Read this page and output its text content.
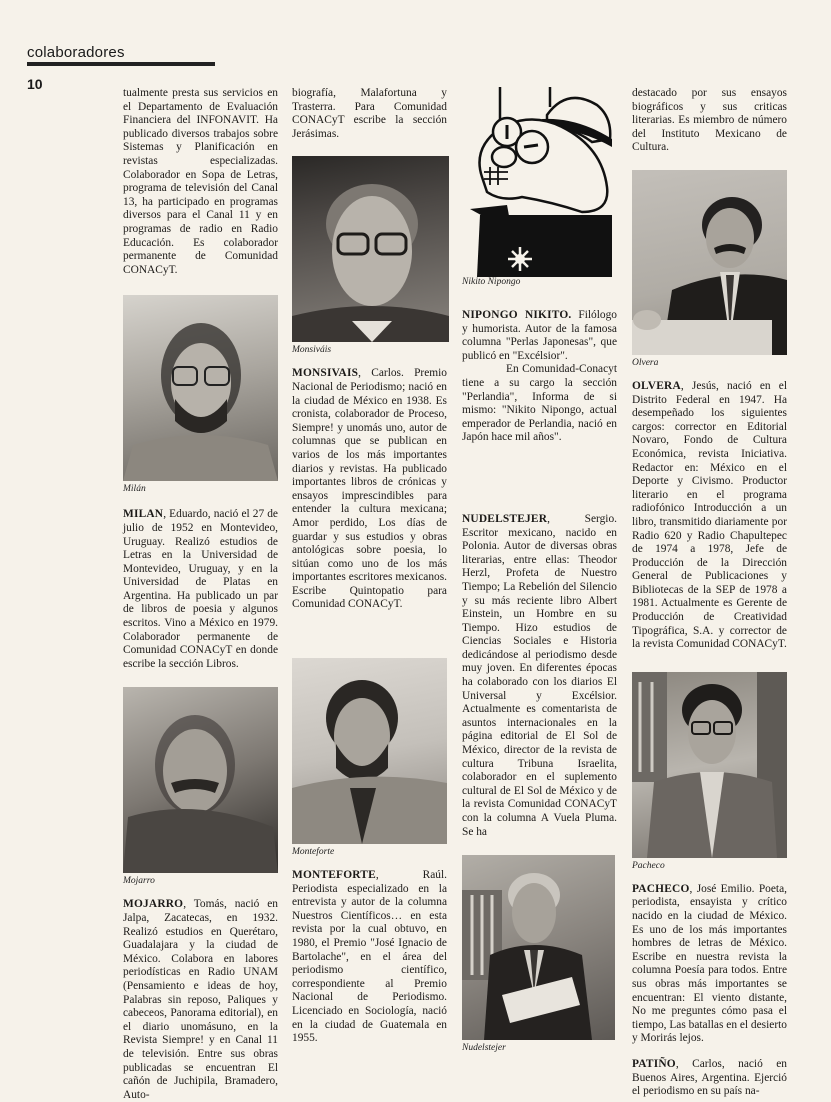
colaboradores
10

tualmente presta sus servicios en el Departamento de Evaluación Financiera del INFONAVIT. Ha publicado diversos trabajos sobre Sistemas y Planificación en revistas especializadas. Colaborador en Sopa de Letras, programa de televisión del Canal 13, ha participado en programas diversos para el Canal 11 y en programas de radio en Radio Educación. Es colaborador permanente de Comunidad CONACyT.

Milán

MILAN, Eduardo, nació el 27 de julio de 1952 en Montevideo, Uruguay. Realizó estudios de Letras en la Universidad de Montevideo, Uruguay, y en la Universidad de Platas en Argentina. Ha publicado un par de libros de poesia y algunos escritos. Vino a México en 1979. Colaborador permanente de Comunidad CONACyT en donde escribe la sección Libros.

Mojarro

MOJARRO, Tomás, nació en Jalpa, Zacatecas, en 1932. Realizó estudios en Querétaro, Guadalajara y la ciudad de México. Colabora en labores periodísticas en Radio UNAM (Pensamiento e ideas de hoy, Palabras sin reposo, Paliques y cabeceos, Panorama editorial), en el diario unomásuno, en la Revista Siempre! y en Canal 11 de televisión. Entre sus obras publicadas se encuentran El cañón de Juchipila, Bramadero, Auto-

biografía, Malafortuna y Trasterra. Para Comunidad CONACyT escribe la sección Jerásimas.

Monsiváis

MONSIVAIS, Carlos. Premio Nacional de Periodismo; nació en la ciudad de México en 1938. Es cronista, colaborador de Proceso, Siempre! y unomás uno, autor de columnas que se publican en varios de los más importantes diarios y revistas. Ha publicado importantes libros de crónicas y ensayos imprescindibles para entender la cultura mexicana; Amor perdido, Los días de guardar y sus estudios y obras antológicas sobre poesia, lo sitúan como uno de los más importantes escritores mexicanos. Escribe Quintopatio para Comunidad CONACyT.

Monteforte

MONTEFORTE, Raúl. Periodista especializado en la entrevista y autor de la columna Nuestros Científicos… en esta revista por la cual obtuvo, en 1980, el Premio "José Ignacio de Bartolache", en el área del periodismo científico, correspondiente al Premio Nacional de Periodismo. Licenciado en Sociología, nació en la ciudad de Guatemala en 1955.

Nikito Nipongo

NIPONGO NIKITO. Filólogo y humorista. Autor de la famosa columna "Perlas Japonesas", que publicó en "Excélsior".

En Comunidad-Conacyt tiene a su cargo la sección "Perlandia", Informa de si mismo: "Nikito Nipongo, actual emperador de Perlandia, nació en Japón hace mil años".

NUDELSTEJER, Sergio. Escritor mexicano, nacido en Polonia. Autor de diversas obras literarias, entre ellas: Theodor Herzl, Profeta de Nuestro Tiempo; La Rebelión del Silencio y su más reciente libro Albert Einstein, un Hombre en su Tiempo. Hizo estudios de Ciencias Sociales e Historia dedicándose al periodismo desde muy joven. En diferentes épocas ha colaborado con los diarios El Universal y Excélsior. Actualmente es comentarista de asuntos internacionales en la página editorial de El Sol de México, director de la revista de cultura Tribuna Israelita, colaborador en el suplemento cultural de El Sol de México y de la revista Comunidad CONACyT con la columna A Vuela Pluma. Se ha

Nudelstejer

destacado por sus ensayos biográficos y sus criticas literarias. Es miembro de número del Instituto Mexicano de Cultura.

Olvera

OLVERA, Jesús, nació en el Distrito Federal en 1947. Ha desempeñado los siguientes cargos: corrector en Editorial Novaro, Fondo de Cultura Económica, revista Iniciativa. Redactor en: México en el Deporte y Civismo. Productor literario en el programa radiofónico Introducción a un libro, transmitido diariamente por Radio 620 y Radio Chapultepec de 1974 a 1978, Jefe de Producción de la Dirección General de Publicaciones y Bibliotecas de la SEP de 1978 a 1981. Actualmente es Gerente de Producción de Creatividad Tipográfica, S.A. y corrector de la revista Comunidad CONACyT.

Pacheco

PACHECO, José Emilio. Poeta, periodista, ensayista y crítico nacido en la ciudad de México. Es uno de los más importantes hombres de letras de México. Escribe en nuestra revista la columna Poesía para todos. Entre sus obras más importantes se encuentran: El viento distante, No me preguntes cómo pasa el tiempo, Las batallas en el desierto y Morirás lejos.

PATIÑO, Carlos, nació en Buenos Aires, Argentina. Ejerció el periodismo en su país na-
